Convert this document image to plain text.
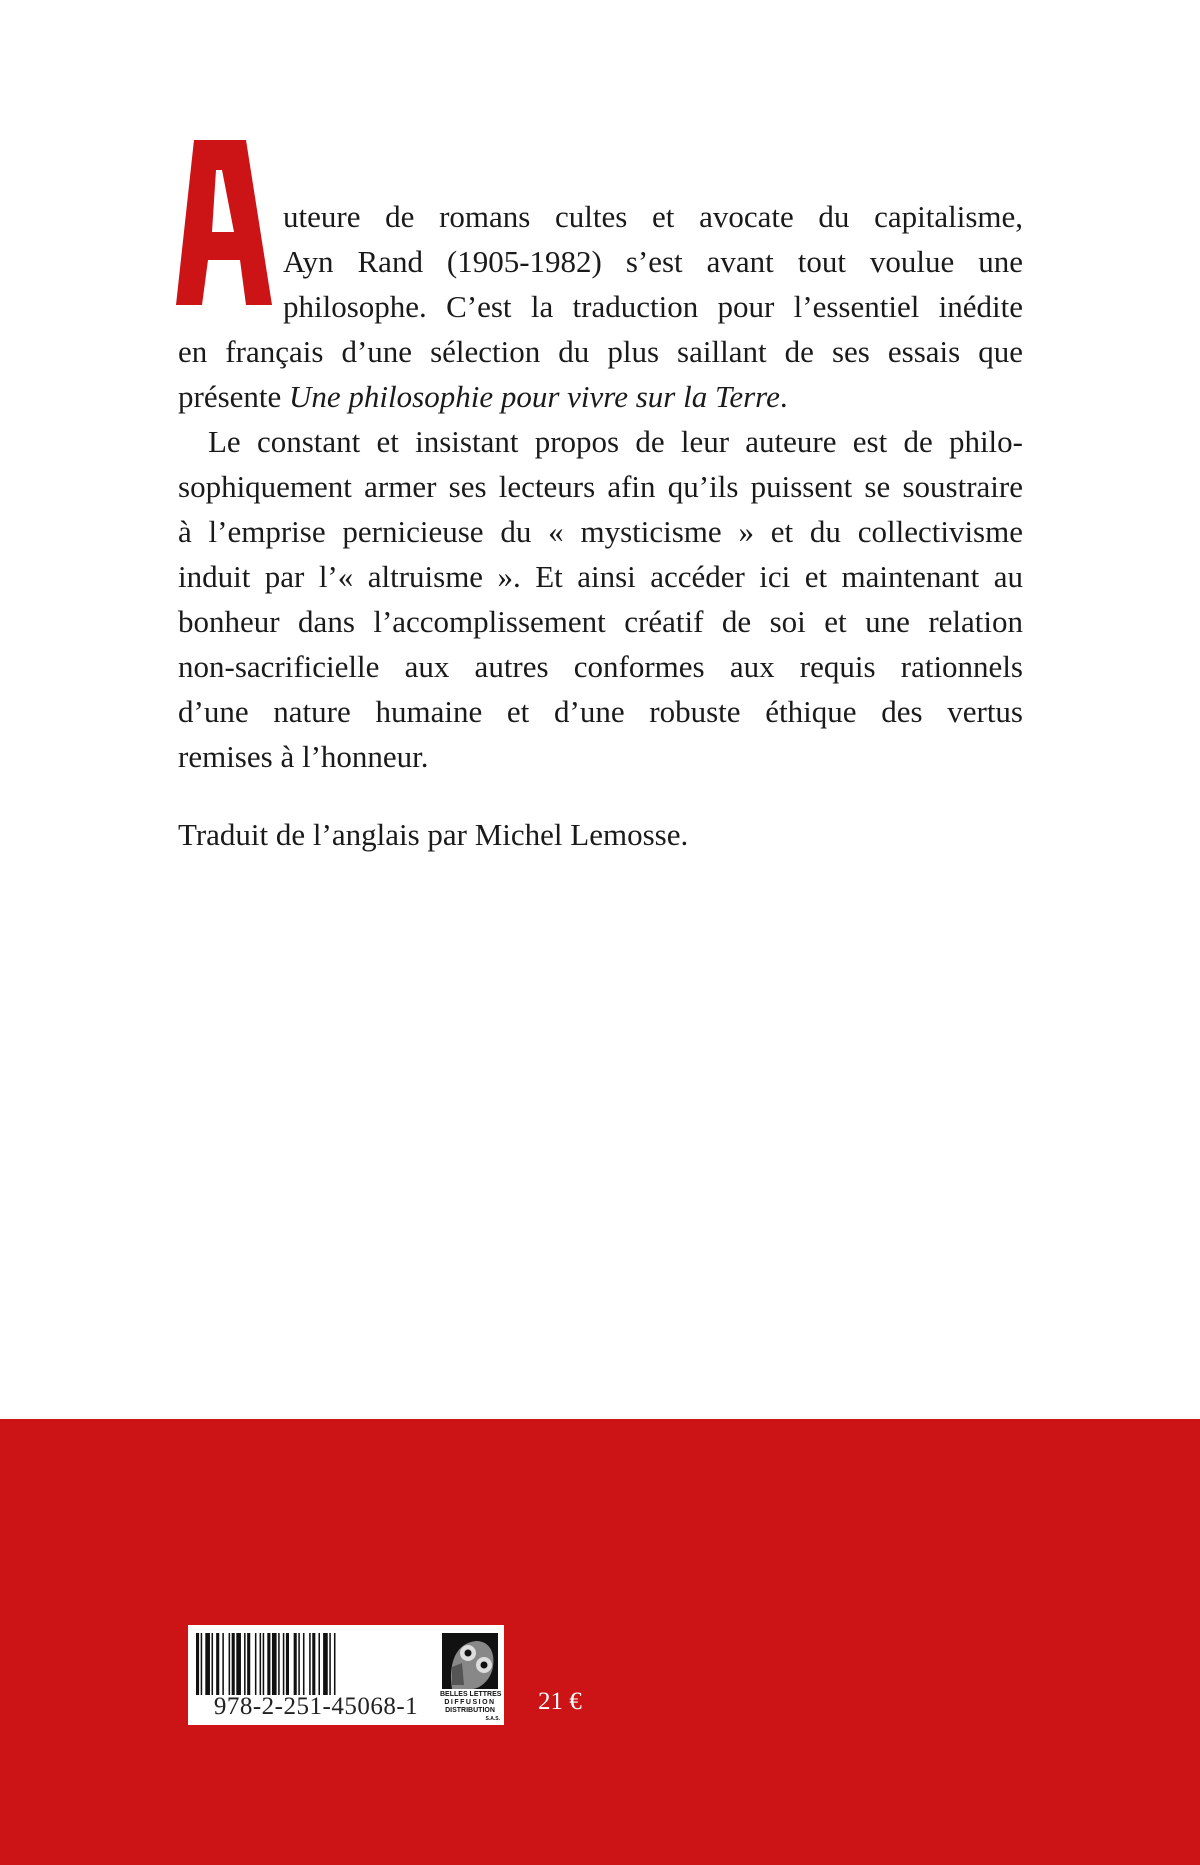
uteure de romans cultes et avocate du capitalisme,
Ayn Rand (1905-1982) s’est avant tout voulue une
philosophe. C’est la traduction pour l’essentiel inédite
en français d’une sélection du plus saillant de ses essais que
présente Une philosophie pour vivre sur la Terre.
Le constant et insistant propos de leur auteure est de philo-
sophiquement armer ses lecteurs afin qu’ils puissent se soustraire
à l’emprise pernicieuse du « mysticisme » et du collectivisme
induit par l’« altruisme ». Et ainsi accéder ici et maintenant au
bonheur dans l’accomplissement créatif de soi et une relation
non-sacrificielle aux autres conformes aux requis rationnels
d’une nature humaine et d’une robuste éthique des vertus
remises à l’honneur.
Traduit de l’anglais par Michel Lemosse.
978-2-251-45068-1	BELLES LETTRES
DIFFUSION
DISTRIBUTION
S.A.S.
21 €
